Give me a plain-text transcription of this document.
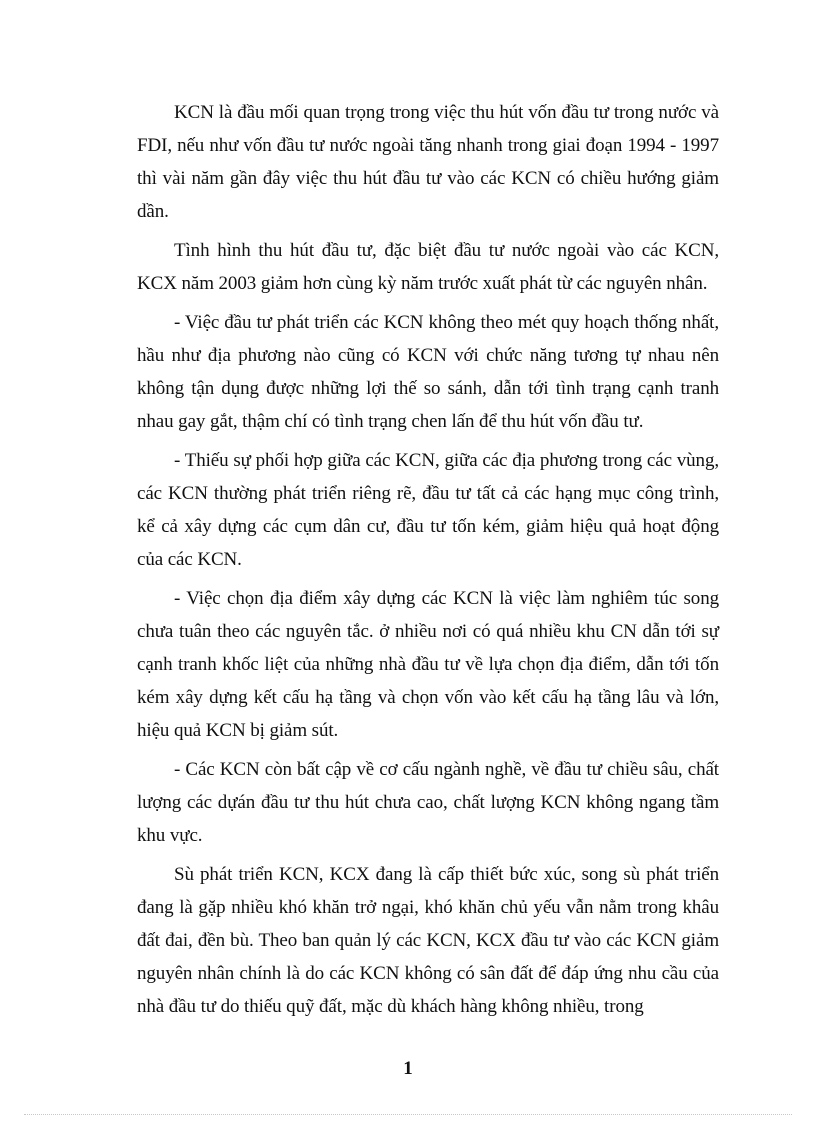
KCN là đầu mối quan trọng trong việc thu hút vốn đầu tư trong nước và FDI, nếu như vốn đầu tư nước ngoài tăng nhanh trong giai đoạn 1994 - 1997 thì vài năm gần đây việc thu hút đầu tư vào các KCN có chiều hướng giảm dần.

Tình hình thu hút đầu tư, đặc biệt đầu tư nước ngoài vào các KCN, KCX năm 2003 giảm hơn cùng kỳ năm trước xuất phát từ các nguyên nhân.

- Việc đầu tư phát triển các KCN không theo mét quy hoạch thống nhất, hầu như địa phương nào cũng có KCN với chức năng tương tự nhau nên không tận dụng được những lợi thế so sánh, dẫn tới tình trạng cạnh tranh nhau gay gắt, thậm chí có tình trạng chen lấn để thu hút vốn đầu tư.

- Thiếu sự phối hợp giữa các KCN, giữa các địa phương trong các vùng, các KCN thường phát triển riêng rẽ, đầu tư tất cả các hạng mục công trình, kể cả xây dựng các cụm dân cư, đầu tư tốn kém, giảm hiệu quả hoạt động của các KCN.

- Việc chọn địa điểm xây dựng các KCN là việc làm nghiêm túc song chưa tuân theo các nguyên tắc. ở nhiều nơi có quá nhiều khu CN dẫn tới sự cạnh tranh khốc liệt của những nhà đầu tư về lựa chọn địa điểm, dẫn tới tốn kém xây dựng kết cấu hạ tầng và chọn vốn vào kết cấu hạ tầng lâu và lớn, hiệu quả KCN bị giảm sút.

- Các KCN còn bất cập về cơ cấu ngành nghề, về đầu tư chiều sâu, chất lượng các dựán đầu tư thu hút chưa cao, chất lượng KCN không ngang tầm khu vực.

Sù phát triển KCN, KCX đang là cấp thiết bức xúc, song sù phát triển đang là gặp nhiều khó khăn trở ngại, khó khăn chủ yếu vẫn nằm trong khâu đất đai, đền bù. Theo ban quản lý các KCN, KCX đầu tư vào các KCN giảm nguyên nhân chính là do các KCN không có sân đất để đáp ứng nhu cầu của nhà đầu tư do thiếu quỹ đất, mặc dù khách hàng không nhiều, trong

1
